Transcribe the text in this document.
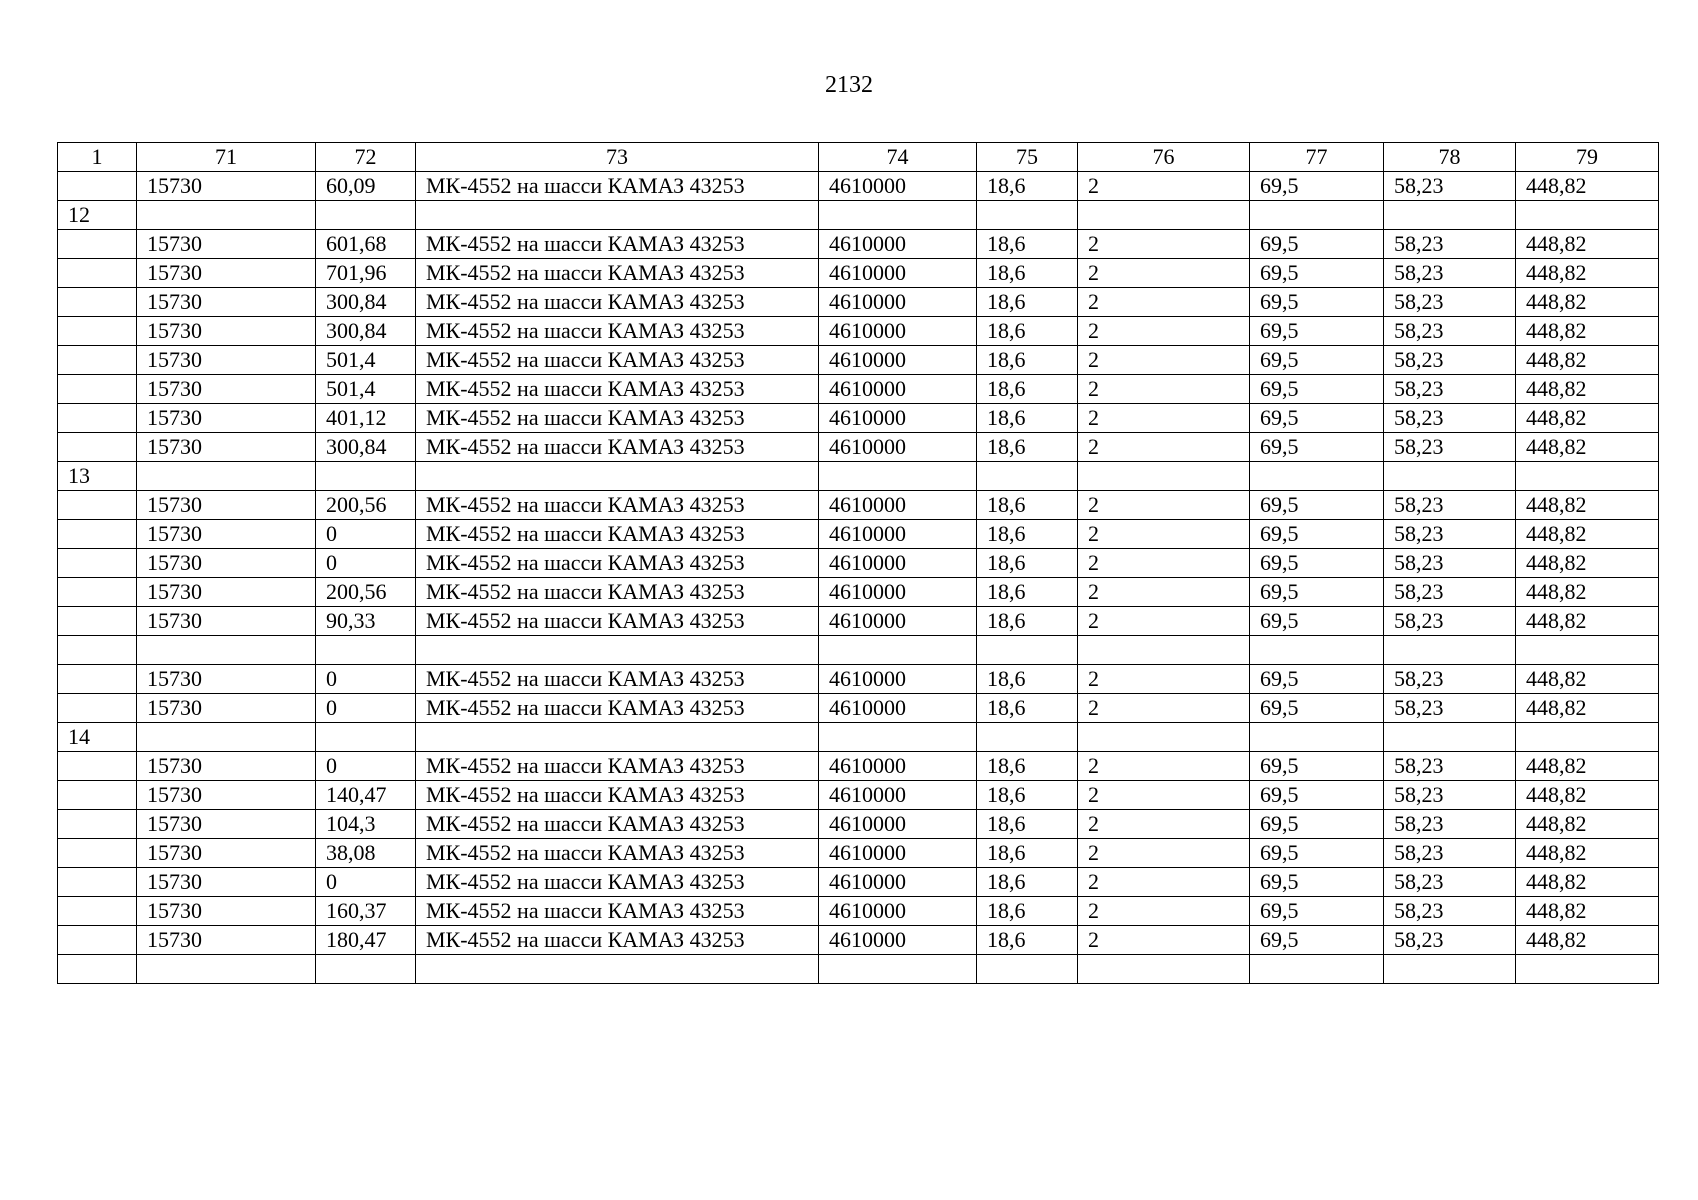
2132
1	71	72	73	74	75	76	77	78	79
	15730	60,09	МК-4552 на шасси КАМАЗ 43253	4610000	18,6	2	69,5	58,23	448,82
12									
	15730	601,68	МК-4552 на шасси КАМАЗ 43253	4610000	18,6	2	69,5	58,23	448,82
	15730	701,96	МК-4552 на шасси КАМАЗ 43253	4610000	18,6	2	69,5	58,23	448,82
	15730	300,84	МК-4552 на шасси КАМАЗ 43253	4610000	18,6	2	69,5	58,23	448,82
	15730	300,84	МК-4552 на шасси КАМАЗ 43253	4610000	18,6	2	69,5	58,23	448,82
	15730	501,4	МК-4552 на шасси КАМАЗ 43253	4610000	18,6	2	69,5	58,23	448,82
	15730	501,4	МК-4552 на шасси КАМАЗ 43253	4610000	18,6	2	69,5	58,23	448,82
	15730	401,12	МК-4552 на шасси КАМАЗ 43253	4610000	18,6	2	69,5	58,23	448,82
	15730	300,84	МК-4552 на шасси КАМАЗ 43253	4610000	18,6	2	69,5	58,23	448,82
13									
	15730	200,56	МК-4552 на шасси КАМАЗ 43253	4610000	18,6	2	69,5	58,23	448,82
	15730	0	МК-4552 на шасси КАМАЗ 43253	4610000	18,6	2	69,5	58,23	448,82
	15730	0	МК-4552 на шасси КАМАЗ 43253	4610000	18,6	2	69,5	58,23	448,82
	15730	200,56	МК-4552 на шасси КАМАЗ 43253	4610000	18,6	2	69,5	58,23	448,82
	15730	90,33	МК-4552 на шасси КАМАЗ 43253	4610000	18,6	2	69,5	58,23	448,82

	15730	0	МК-4552 на шасси КАМАЗ 43253	4610000	18,6	2	69,5	58,23	448,82
	15730	0	МК-4552 на шасси КАМАЗ 43253	4610000	18,6	2	69,5	58,23	448,82
14									
	15730	0	МК-4552 на шасси КАМАЗ 43253	4610000	18,6	2	69,5	58,23	448,82
	15730	140,47	МК-4552 на шасси КАМАЗ 43253	4610000	18,6	2	69,5	58,23	448,82
	15730	104,3	МК-4552 на шасси КАМАЗ 43253	4610000	18,6	2	69,5	58,23	448,82
	15730	38,08	МК-4552 на шасси КАМАЗ 43253	4610000	18,6	2	69,5	58,23	448,82
	15730	0	МК-4552 на шасси КАМАЗ 43253	4610000	18,6	2	69,5	58,23	448,82
	15730	160,37	МК-4552 на шасси КАМАЗ 43253	4610000	18,6	2	69,5	58,23	448,82
	15730	180,47	МК-4552 на шасси КАМАЗ 43253	4610000	18,6	2	69,5	58,23	448,82
